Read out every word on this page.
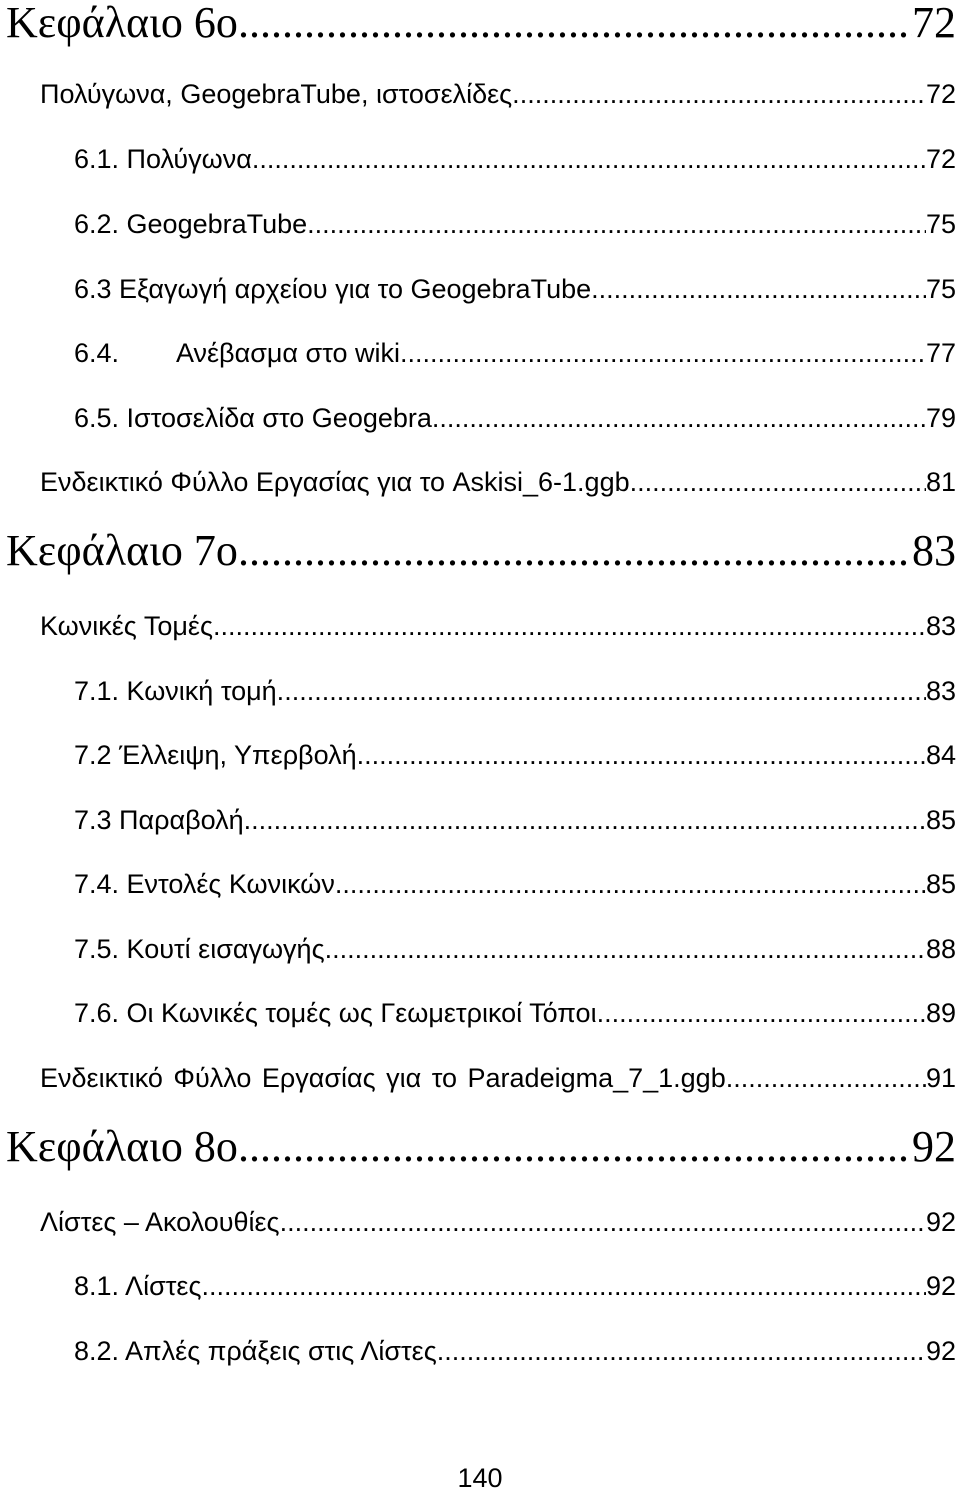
Κεφάλαιο 6ο .....	72
Πολύγωνα, GeogebraTube, ιστοσελίδες. .....	72
6.1. Πολύγωνα. .....	72
6.2. GeogebraTube. .....	75
6.3 Εξαγωγή αρχείου για το GeogebraTube. .....	75
6.4. Ανέβασμα στο wiki. .....	77
6.5. Ιστοσελίδα στο Geogebra. .....	79
Ενδεικτικό Φύλλο Εργασίας για το Askisi_6-1.ggb .....	81
Κεφάλαιο 7ο .....	83
Κωνικές Τομές .....	83
7.1. Κωνική τομή. .....	83
7.2 Έλλειψη, Υπερβολή. .....	84
7.3 Παραβολή. .....	85
7.4. Εντολές Κωνικών. .....	85
7.5. Κουτί εισαγωγής. .....	88
7.6. Οι Κωνικές τομές ως Γεωμετρικοί Τόποι. .....	89
Ενδεικτικό Φύλλο Εργασίας για το Paradeigma_7_1.ggb .....	91
Κεφάλαιο 8ο .....	92
Λίστες – Ακολουθίες .....	92
8.1. Λίστες. .....	92
8.2. Απλές πράξεις στις Λίστες. .....	92
140
